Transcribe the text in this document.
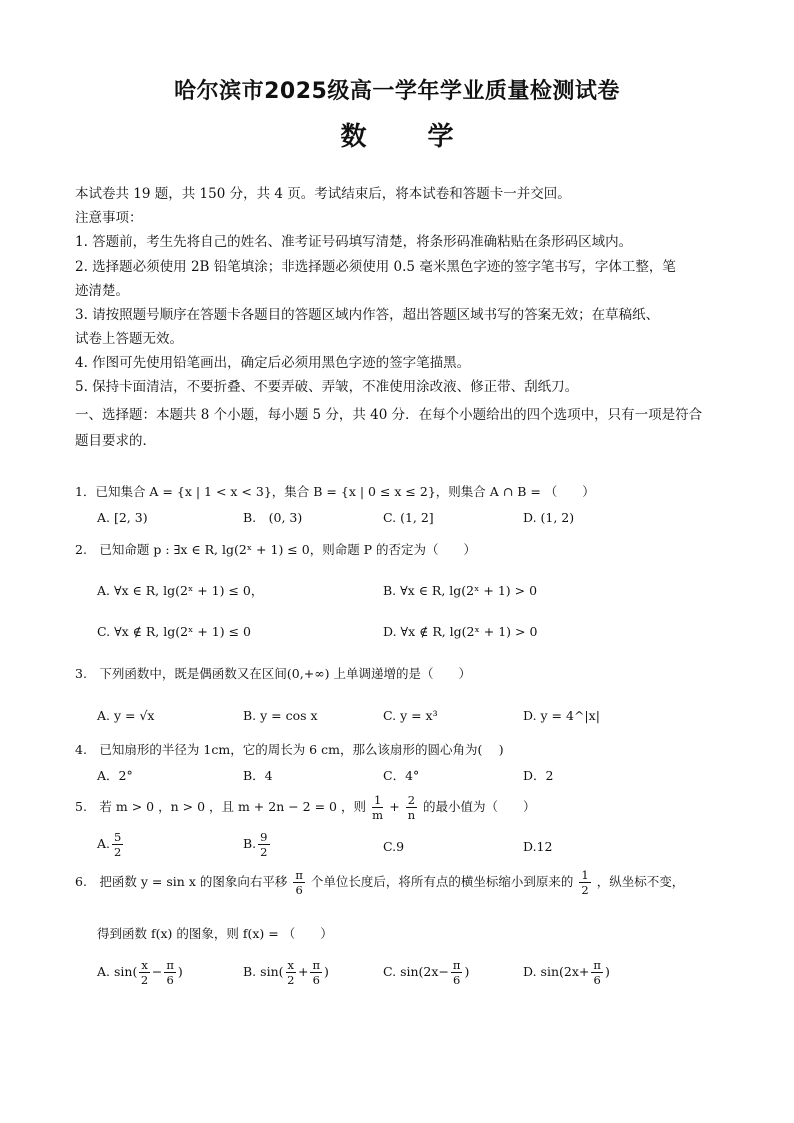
哈尔滨市2025级高一学年学业质量检测试卷
数 学
本试卷共 19 题，共 150 分，共 4 页。考试结束后，将本试卷和答题卡一并交回。
注意事项：
1. 答题前，考生先将自己的姓名、准考证号码填写清楚，将条形码准确粘贴在条形码区域内。
2. 选择题必须使用 2B 铅笔填涂；非选择题必须使用 0.5 毫米黑色字迹的签字笔书写，字体工整，笔
迹清楚。
3. 请按照题号顺序在答题卡各题目的答题区域内作答，超出答题区域书写的答案无效；在草稿纸、
试卷上答题无效。
4. 作图可先使用铅笔画出，确定后必须用黑色字迹的签字笔描黑。
5. 保持卡面清洁，不要折叠、不要弄破、弄皱，不准使用涂改液、修正带、刮纸刀。
一、选择题：本题共 8 个小题，每小题 5 分，共 40 分．在每个小题给出的四个选项中，只有一项是符合
题目要求的．
1．已知集合 A = {x | 1 < x < 3}，集合 B = {x | 0 ≤ x ≤ 2}，则集合 A ∩ B = （　　）
A. [2, 3)	B.　(0, 3)	C. (1, 2]	D. (1, 2)
2.　已知命题 p : ∃x ∈ R, lg(2ˣ + 1) ≤ 0，则命题 P 的否定为（　　）
A. ∀x ∈ R, lg(2ˣ + 1) ≤ 0，	B. ∀x ∈ R, lg(2ˣ + 1) > 0
C. ∀x ∉ R, lg(2ˣ + 1) ≤ 0	D. ∀x ∉ R, lg(2ˣ + 1) > 0
3.　下列函数中，既是偶函数又在区间(0,+∞) 上单调递增的是（　　）
A. y = √x	B. y = cos x	C. y = x³	D. y = 4^|x|
4.　已知扇形的半径为 1cm，它的周长为 6 cm，那么该扇形的圆心角为(　 )
A．2°	B．4	C．4°	D．2
5.　若 m > 0 ，n > 0 ，且 m + 2n − 2 = 0 ，则 $\frac{1}{m} + \frac{2}{n}$ 的最小值为（　　）
A. $\frac{5}{2}$	B. $\frac{9}{2}$	C.9	D.12
6.　把函数 y = sin x 的图象向右平移 $\frac{\pi}{6}$ 个单位长度后，将所有点的横坐标缩小到原来的 $\frac{1}{2}$ ，纵坐标不变，
得到函数 f(x) 的图象，则 f(x) = （　　）
A. $\sin( \frac{x}{2} - \frac{\pi}{6}$ )	B. $\sin( \frac{x}{2} + \frac{\pi}{6}$ )	C. $\sin(2x- \frac{\pi}{6}$ )	D. $\sin(2x+ \frac{\pi}{6}$ )
